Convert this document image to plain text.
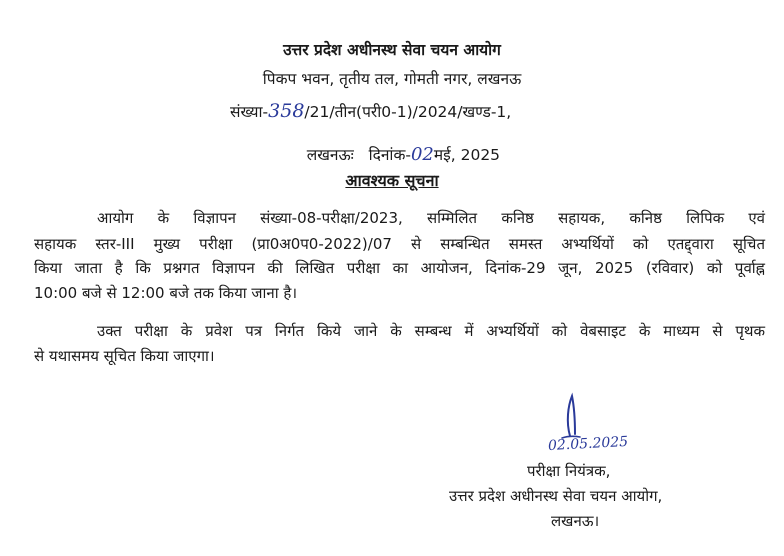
उत्तर प्रदेश अधीनस्थ सेवा चयन आयोग
पिकप भवन, तृतीय तल, गोमती नगर, लखनऊ
संख्या-358/21/तीन(परी0-1)/2024/खण्ड-1,

लखनऊः   दिनांक-02मई, 2025

आवश्यक सूचना
आयोग के विज्ञापन संख्या-08-परीक्षा/2023, सम्मिलित कनिष्ठ सहायक, कनिष्ठ लिपिक एवं
सहायक स्तर-III मुख्य परीक्षा (प्रा0अ0प0-2022)/07 से सम्बन्धित समस्त अभ्यर्थियों को एतद्द्वारा सूचित
किया जाता है कि प्रश्नगत विज्ञापन की लिखित परीक्षा का आयोजन, दिनांक-29 जून, 2025 (रविवार) को पूर्वाह्न
10:00 बजे से 12:00 बजे तक किया जाना है।
उक्त परीक्षा के प्रवेश पत्र निर्गत किये जाने के सम्बन्ध में अभ्यर्थियों को वेबसाइट के माध्यम से पृथक
से यथासमय सूचित किया जाएगा।
02.05.2025
परीक्षा नियंत्रक,
उत्तर प्रदेश अधीनस्थ सेवा चयन आयोग,
लखनऊ।
